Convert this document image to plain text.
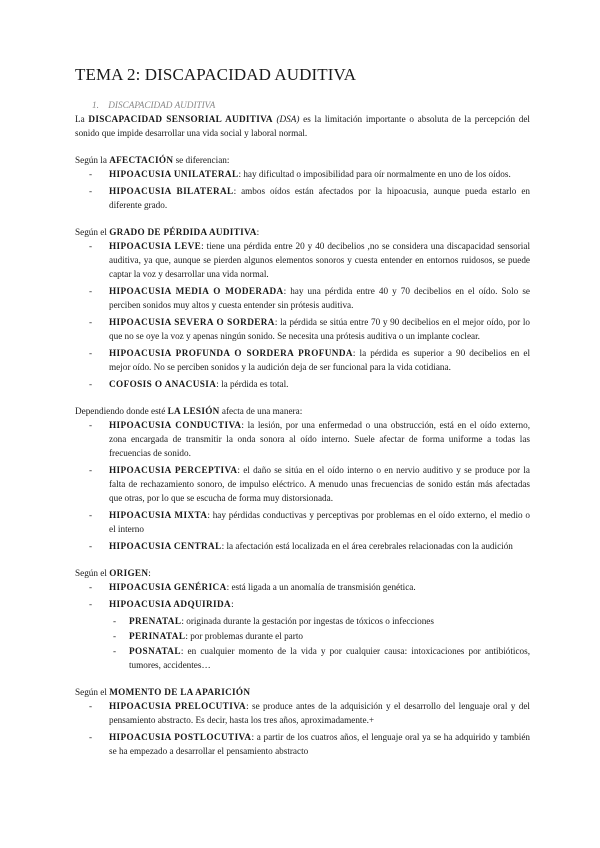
TEMA 2: DISCAPACIDAD AUDITIVA
1. DISCAPACIDAD AUDITIVA

La DISCAPACIDAD SENSORIAL AUDITIVA (DSA) es la limitación importante o absoluta de la percepción del sonido que impide desarrollar una vida social y laboral normal.

Según la AFECTACIÓN se diferencian:

- HIPOACUSIA UNILATERAL: hay dificultad o imposibilidad para oír normalmente en uno de los oídos.
- HIPOACUSIA BILATERAL: ambos oídos están afectados por la hipoacusia, aunque pueda estarlo en diferente grado.

Según el GRADO DE PÉRDIDA AUDITIVA:

- HIPOACUSIA LEVE: tiene una pérdida entre 20 y 40 decibelios ,no se considera una discapacidad sensorial auditiva, ya que, aunque se pierden algunos elementos sonoros y cuesta entender en entornos ruidosos, se puede captar la voz y desarrollar una vida normal.
- HIPOACUSIA MEDIA O MODERADA: hay una pérdida entre 40 y 70 decibelios en el oído. Solo se perciben sonidos muy altos y cuesta entender sin prótesis auditiva.
- HIPOACUSIA SEVERA O SORDERA: la pérdida se sitúa entre 70 y 90 decibelios en el mejor oído, por lo que no se oye la voz y apenas ningún sonido. Se necesita una prótesis auditiva o un implante coclear.
- HIPOACUSIA PROFUNDA O SORDERA PROFUNDA: la pérdida es superior a 90 decibelios en el mejor oído. No se perciben sonidos y la audición deja de ser funcional para la vida cotidiana.
- COFOSIS O ANACUSIA: la pérdida es total.

Dependiendo donde esté LA LESIÓN afecta de una manera:

- HIPOACUSIA CONDUCTIVA: la lesión, por una enfermedad o una obstrucción, está en el oído externo, zona encargada de transmitir la onda sonora al oído interno. Suele afectar de forma uniforme a todas las frecuencias de sonido.
- HIPOACUSIA PERCEPTIVA: el daño se sitúa en el oído interno o en nervio auditivo y se produce por la falta de rechazamiento sonoro, de impulso eléctrico. A menudo unas frecuencias de sonido están más afectadas que otras, por lo que se escucha de forma muy distorsionada.
- HIPOACUSIA MIXTA: hay pérdidas conductivas y perceptivas por problemas en el oído externo, el medio o el interno
- HIPOACUSIA CENTRAL: la afectación está localizada en el área cerebrales relacionadas con la audición

Según el ORIGEN:

- HIPOACUSIA GENÉRICA: está ligada a un anomalía de transmisión genética.
- HIPOACUSIA ADQUIRIDA:
- PRENATAL: originada durante la gestación por ingestas de tóxicos o infecciones
- PERINATAL: por problemas durante el parto
- POSNATAL: en cualquier momento de la vida y por cualquier causa: intoxicaciones por antibióticos, tumores, accidentes…

Según el MOMENTO DE LA APARICIÓN

- HIPOACUSIA PRELOCUTIVA: se produce antes de la adquisición y el desarrollo del lenguaje oral y del pensamiento abstracto. Es decir, hasta los tres años, aproximadamente.+
- HIPOACUSIA POSTLOCUTIVA: a partir de los cuatros años, el lenguaje oral ya se ha adquirido y también se ha empezado a desarrollar el pensamiento abstracto
